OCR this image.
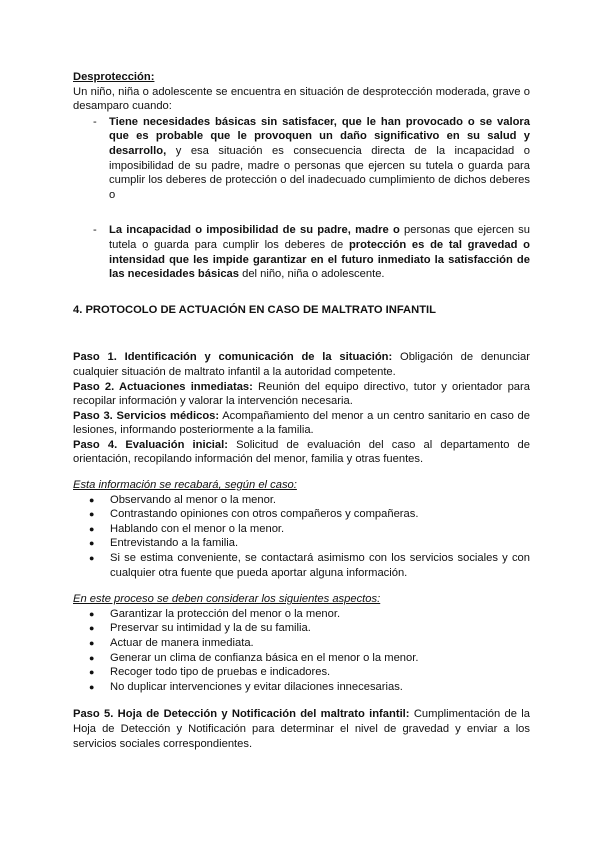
Desprotección:
Un niño, niña o adolescente se encuentra en situación de desprotección moderada, grave o desamparo cuando:
- Tiene necesidades básicas sin satisfacer, que le han provocado o se valora que es probable que le provoquen un daño significativo en su salud y desarrollo, y esa situación es consecuencia directa de la incapacidad o imposibilidad de su padre, madre o personas que ejercen su tutela o guarda para cumplir los deberes de protección o del inadecuado cumplimiento de dichos deberes o
- La incapacidad o imposibilidad de su padre, madre o personas que ejercen su tutela o guarda para cumplir los deberes de protección es de tal gravedad o intensidad que les impide garantizar en el futuro inmediato la satisfacción de las necesidades básicas del niño, niña o adolescente.
4. PROTOCOLO DE ACTUACIÓN EN CASO DE MALTRATO INFANTIL
Paso 1. Identificación y comunicación de la situación: Obligación de denunciar cualquier situación de maltrato infantil a la autoridad competente.
Paso 2. Actuaciones inmediatas: Reunión del equipo directivo, tutor y orientador para recopilar información y valorar la intervención necesaria.
Paso 3. Servicios médicos: Acompañamiento del menor a un centro sanitario en caso de lesiones, informando posteriormente a la familia.
Paso 4. Evaluación inicial: Solicitud de evaluación del caso al departamento de orientación, recopilando información del menor, familia y otras fuentes.
Esta información se recabará, según el caso:
● Observando al menor o la menor.
● Contrastando opiniones con otros compañeros y compañeras.
● Hablando con el menor o la menor.
● Entrevistando a la familia.
● Si se estima conveniente, se contactará asimismo con los servicios sociales y con cualquier otra fuente que pueda aportar alguna información.
En este proceso se deben considerar los siguientes aspectos:
● Garantizar la protección del menor o la menor.
● Preservar su intimidad y la de su familia.
● Actuar de manera inmediata.
● Generar un clima de confianza básica en el menor o la menor.
● Recoger todo tipo de pruebas e indicadores.
● No duplicar intervenciones y evitar dilaciones innecesarias.
Paso 5. Hoja de Detección y Notificación del maltrato infantil: Cumplimentación de la Hoja de Detección y Notificación para determinar el nivel de gravedad y enviar a los servicios sociales correspondientes.
